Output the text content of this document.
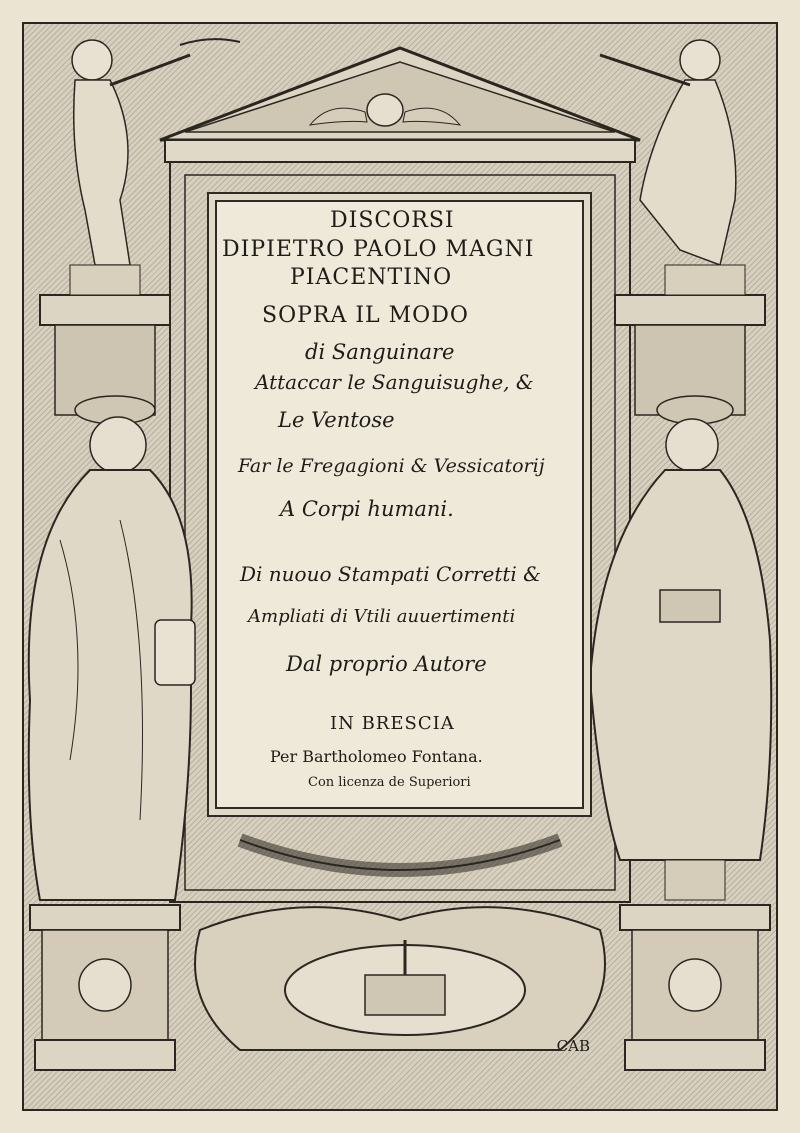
DISCORSI
DIPIETRO PAOLO MAGNI
PIACENTINO
SOPRA IL MODO
di Sanguinare
Attaccar le Sanguisughe, &
Le Ventose
Far le Fregagioni & Vessicatorij
A Corpi humani.
Di nuouo Stampati Corretti &
Ampliati di Vtili auuertimenti
Dal proprio Autore
IN BRESCIA
Per Bartholomeo Fontana.
Con licenza de Superiori
CAB
